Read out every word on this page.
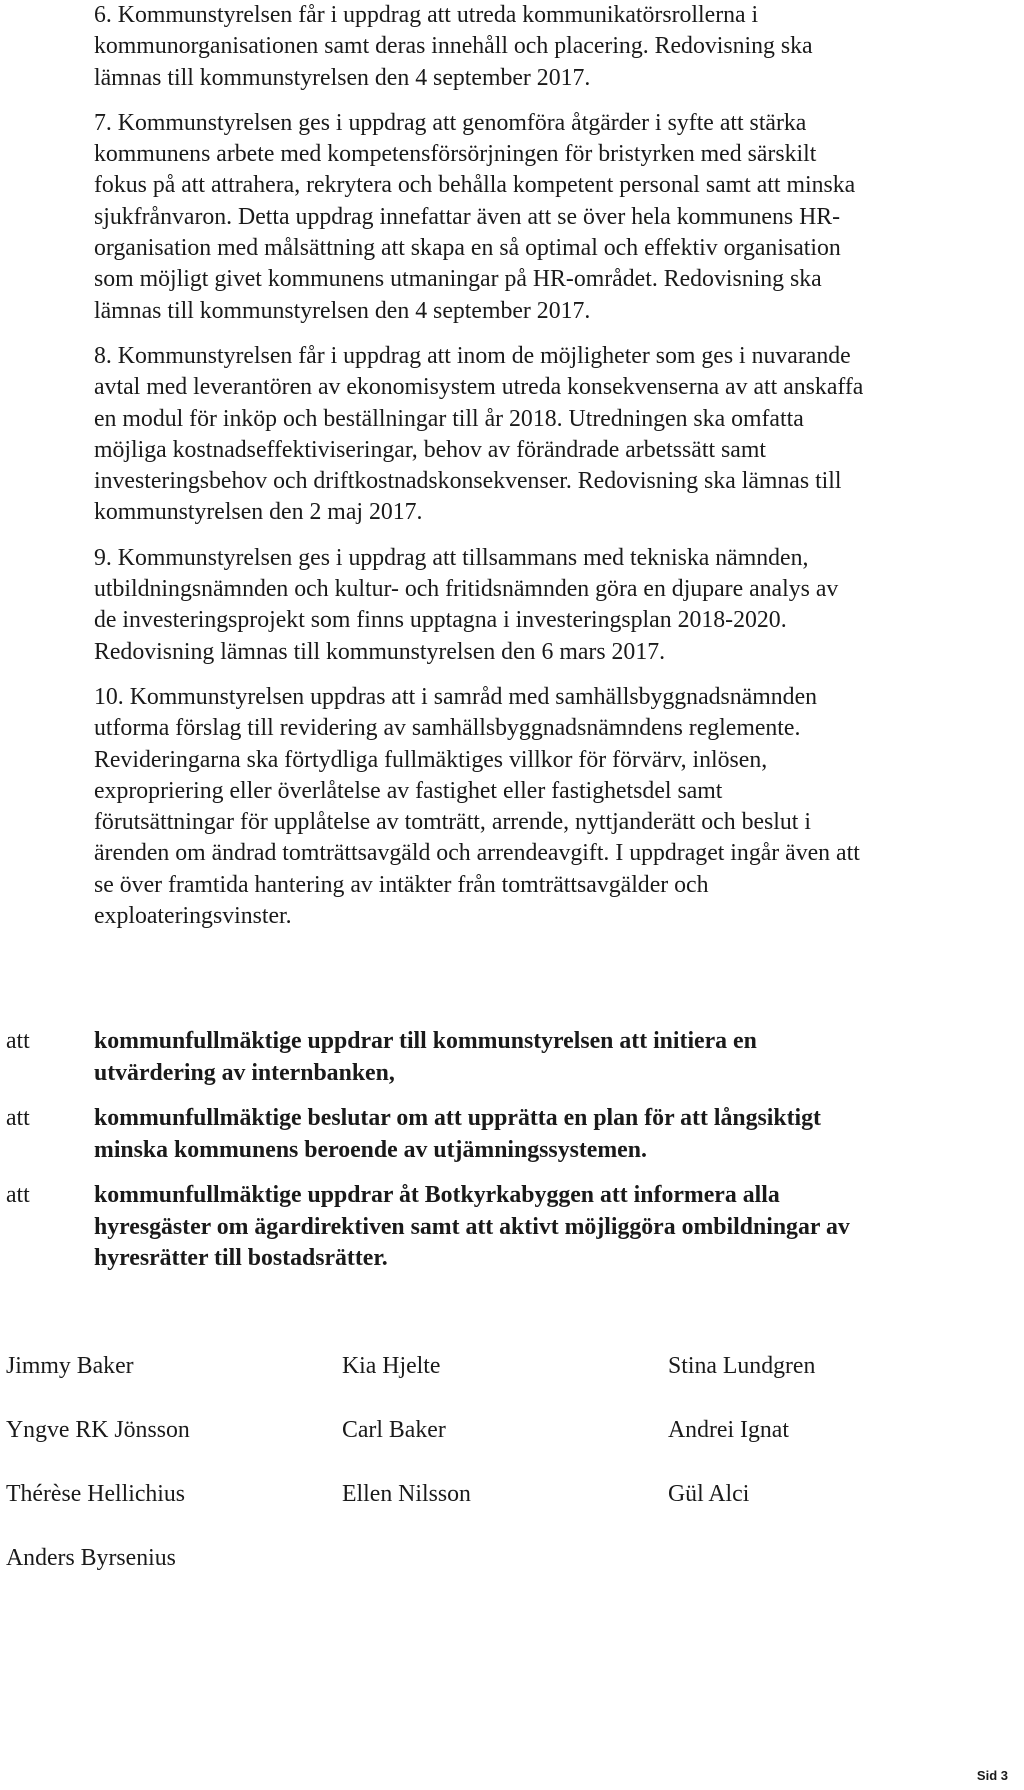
6. Kommunstyrelsen får i uppdrag att utreda kommunikatörsrollerna i
kommunorganisationen samt deras innehåll och placering. Redovisning ska
lämnas till kommunstyrelsen den 4 september 2017.

7. Kommunstyrelsen ges i uppdrag att genomföra åtgärder i syfte att stärka
kommunens arbete med kompetensförsörjningen för bristyrken med särskilt
fokus på att attrahera, rekrytera och behålla kompetent personal samt att minska
sjukfrånvaron. Detta uppdrag innefattar även att se över hela kommunens HR-
organisation med målsättning att skapa en så optimal och effektiv organisation
som möjligt givet kommunens utmaningar på HR-området. Redovisning ska
lämnas till kommunstyrelsen den 4 september 2017.

8. Kommunstyrelsen får i uppdrag att inom de möjligheter som ges i nuvarande
avtal med leverantören av ekonomisystem utreda konsekvenserna av att anskaffa
en modul för inköp och beställningar till år 2018. Utredningen ska omfatta
möjliga kostnadseffektiviseringar, behov av förändrade arbetssätt samt
investeringsbehov och driftkostnadskonsekvenser. Redovisning ska lämnas till
kommunstyrelsen den 2 maj 2017.

9. Kommunstyrelsen ges i uppdrag att tillsammans med tekniska nämnden,
utbildningsnämnden och kultur- och fritidsnämnden göra en djupare analys av
de investeringsprojekt som finns upptagna i investeringsplan 2018-2020.
Redovisning lämnas till kommunstyrelsen den 6 mars 2017.

10. Kommunstyrelsen uppdras att i samråd med samhällsbyggnadsnämnden
utforma förslag till revidering av samhällsbyggnadsnämndens reglemente.
Revideringarna ska förtydliga fullmäktiges villkor för förvärv, inlösen,
expropriering eller överlåtelse av fastighet eller fastighetsdel samt
förutsättningar för upplåtelse av tomträtt, arrende, nyttjanderätt och beslut i
ärenden om ändrad tomträttsavgäld och arrendeavgift. I uppdraget ingår även att
se över framtida hantering av intäkter från tomträttsavgälder och
exploateringsvinster.

att	kommunfullmäktige uppdrar till kommunstyrelsen att initiera en
utvärdering av internbanken,
att	kommunfullmäktige beslutar om att upprätta en plan för att långsiktigt
minska kommunens beroende av utjämningssystemen.
att	kommunfullmäktige uppdrar åt Botkyrkabyggen att informera alla
hyresgäster om ägardirektiven samt att aktivt möjliggöra ombildningar av
hyresrätter till bostadsrätter.
Jimmy Baker	Kia Hjelte	Stina Lundgren
Yngve RK Jönsson	Carl Baker	Andrei Ignat
Thérèse Hellichius	Ellen Nilsson	Gül Alci
Anders Byrsenius
Sid 3
